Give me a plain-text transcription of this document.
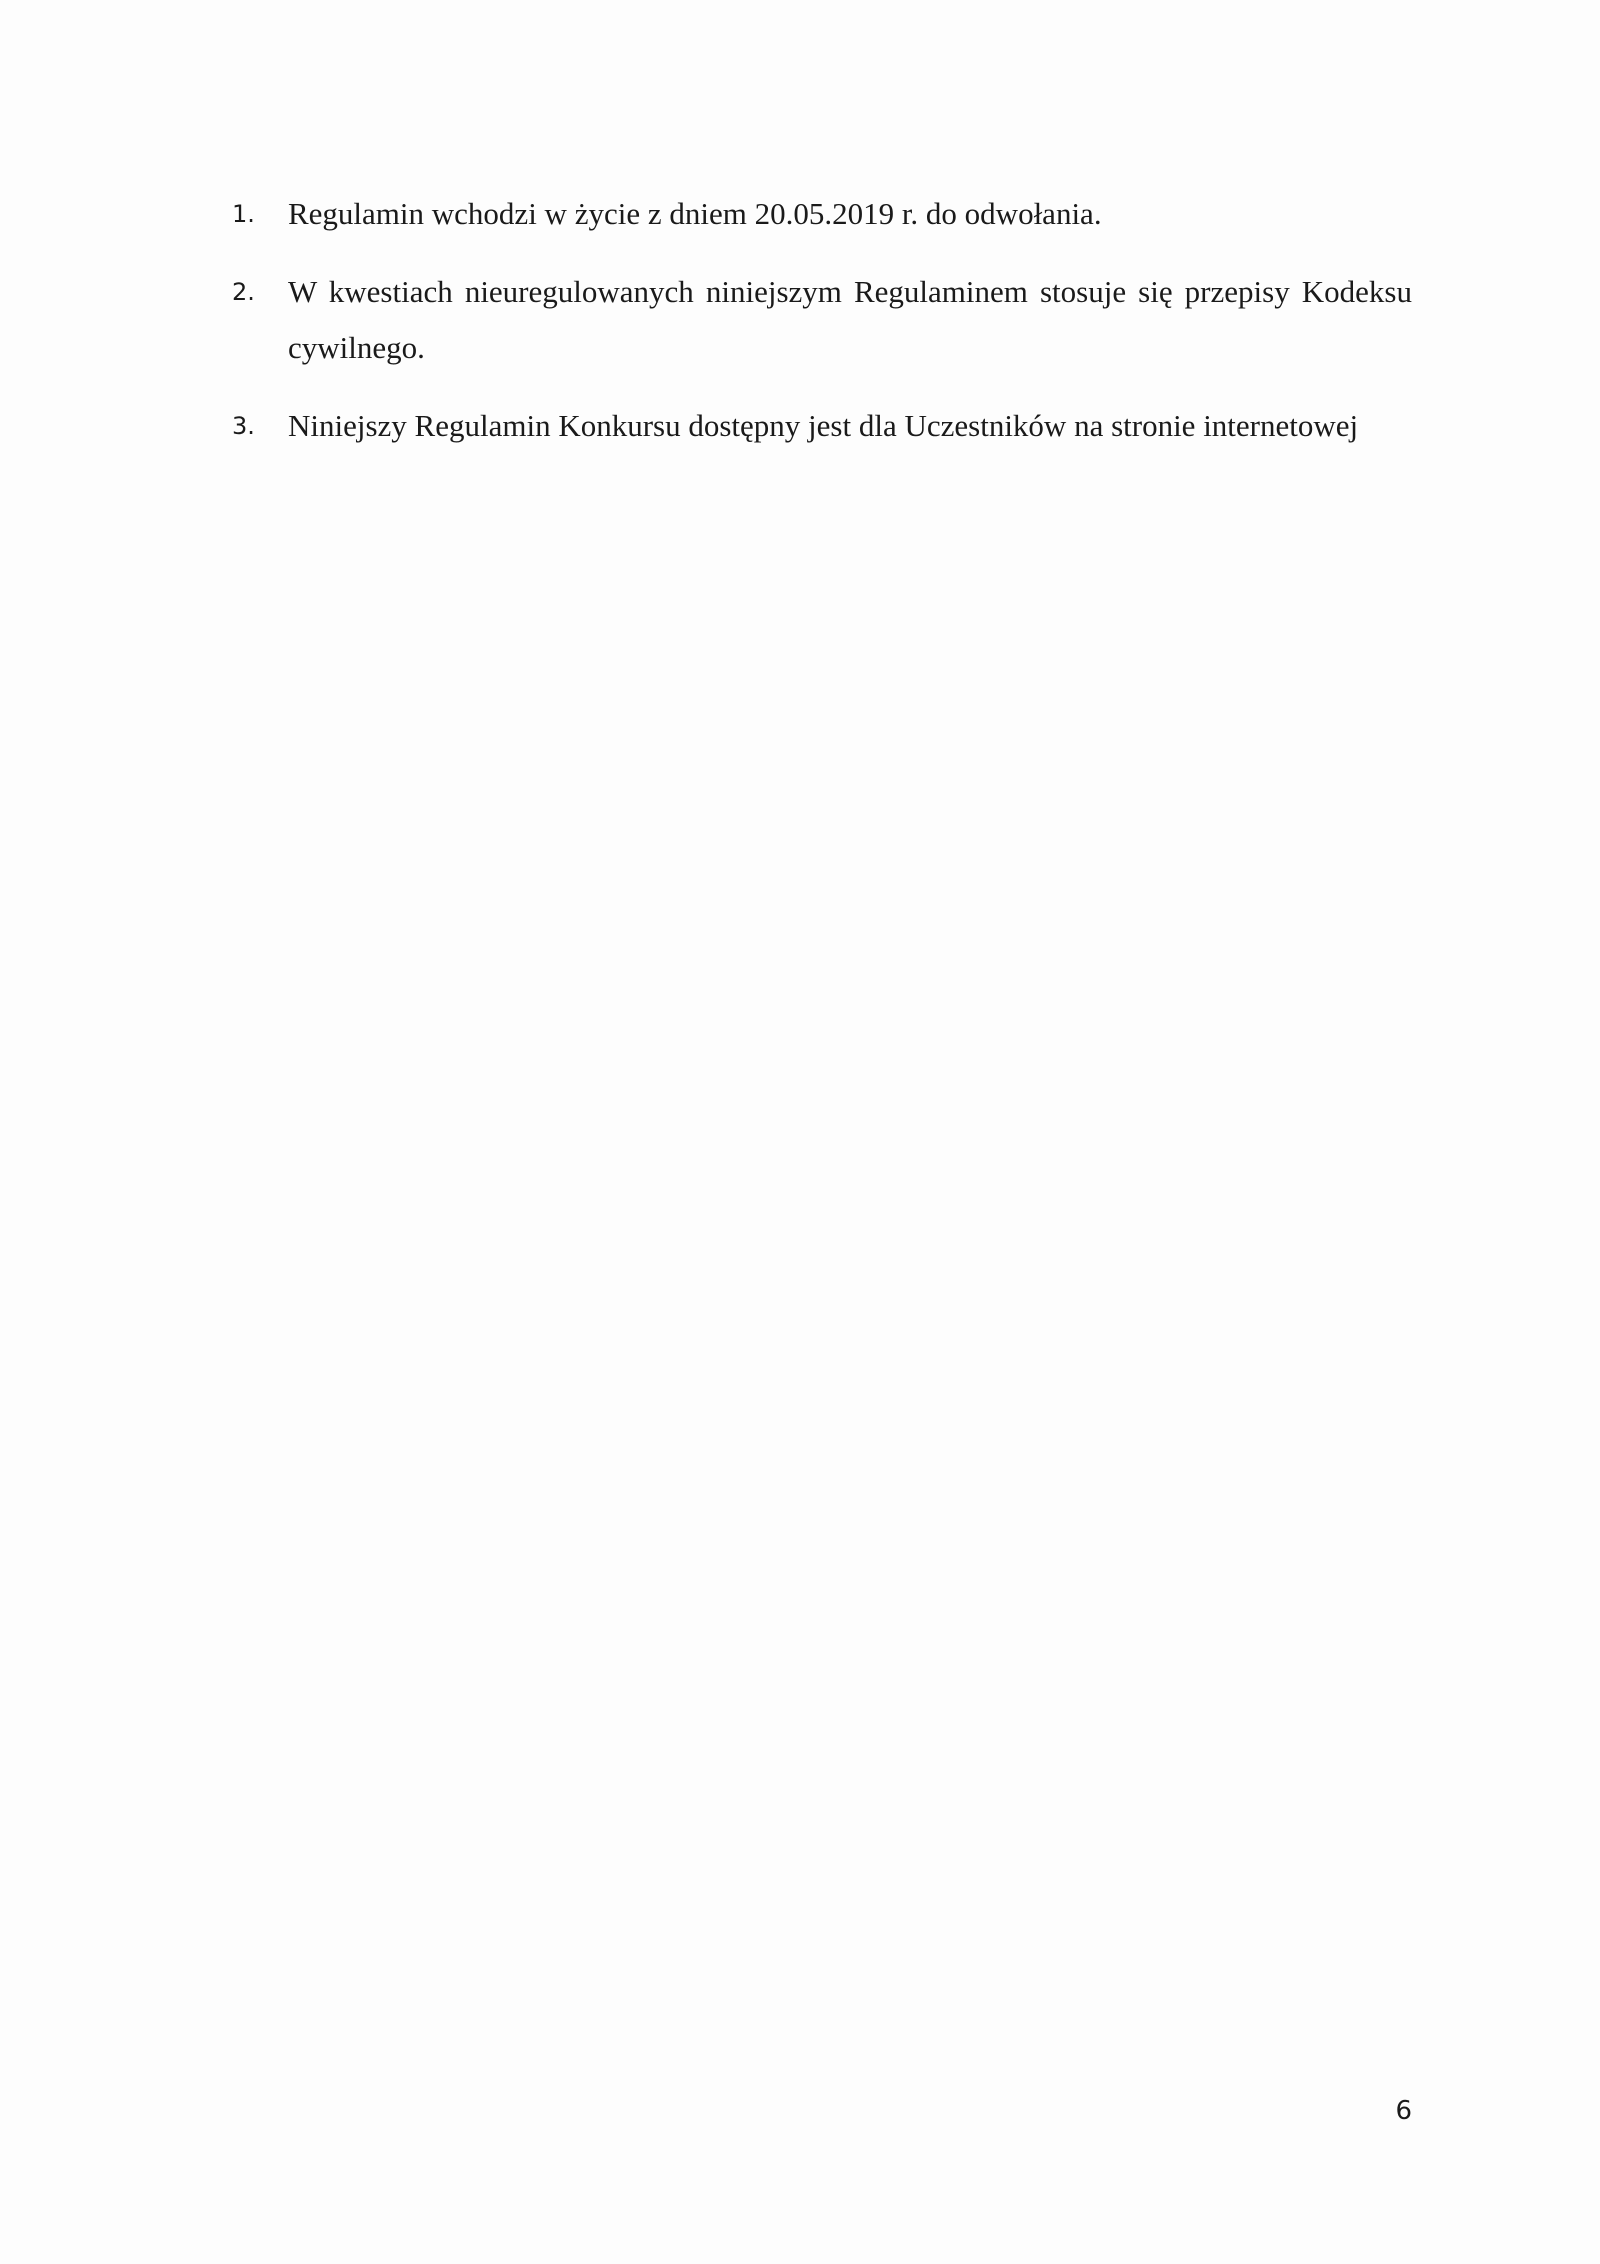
1. Regulamin wchodzi w życie z dniem 20.05.2019 r. do odwołania.
2. W kwestiach nieuregulowanych niniejszym Regulaminem stosuje się przepisy Kodeksu cywilnego.
3. Niniejszy Regulamin Konkursu dostępny jest dla Uczestników na stronie internetowej
6
